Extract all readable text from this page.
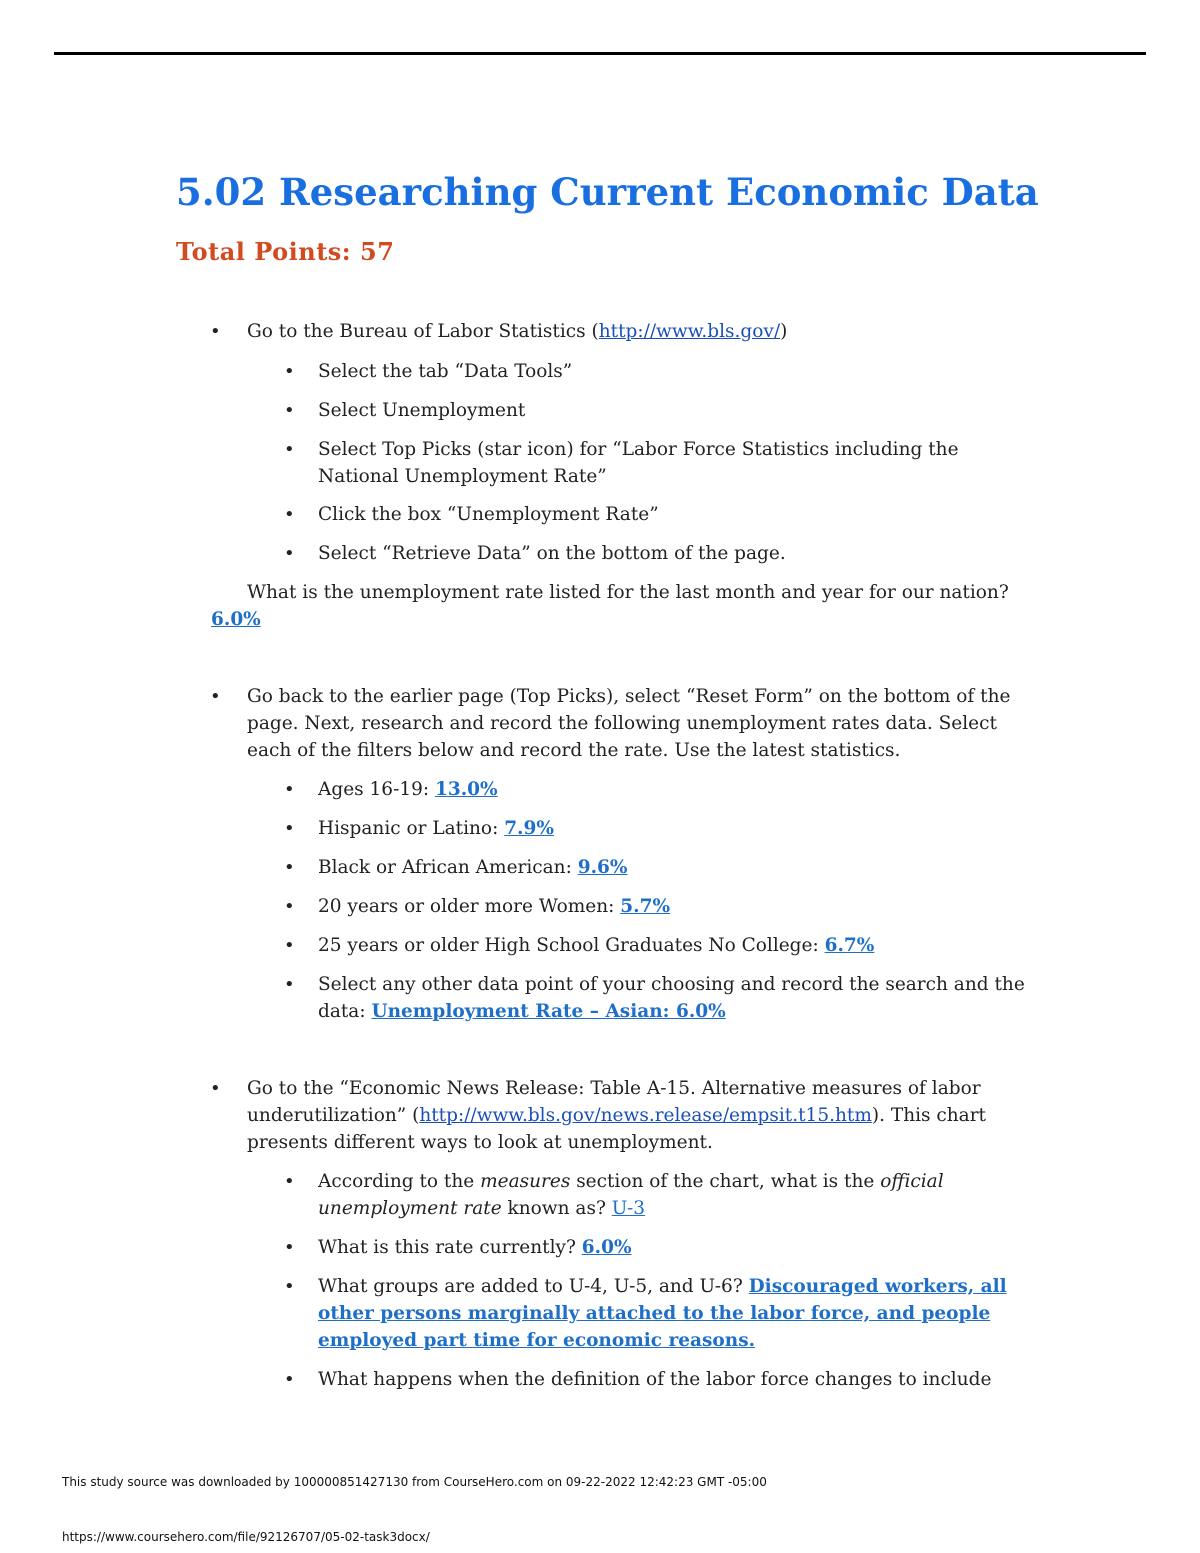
5.02 Researching Current Economic Data
Total Points: 57
• Go to the Bureau of Labor Statistics (http://www.bls.gov/)
• Select the tab “Data Tools”
• Select Unemployment
• Select Top Picks (star icon) for “Labor Force Statistics including the
National Unemployment Rate”
• Click the box “Unemployment Rate”
• Select “Retrieve Data” on the bottom of the page.
What is the unemployment rate listed for the last month and year for our nation?
6.0%
• Go back to the earlier page (Top Picks), select “Reset Form” on the bottom of the
page. Next, research and record the following unemployment rates data. Select
each of the filters below and record the rate. Use the latest statistics.
• Ages 16-19: 13.0%
• Hispanic or Latino: 7.9%
• Black or African American: 9.6%
• 20 years or older more Women: 5.7%
• 25 years or older High School Graduates No College: 6.7%
• Select any other data point of your choosing and record the search and the
data: Unemployment Rate – Asian: 6.0%
• Go to the “Economic News Release: Table A-15. Alternative measures of labor
underutilization” (http://www.bls.gov/news.release/empsit.t15.htm). This chart
presents different ways to look at unemployment.
• According to the measures section of the chart, what is the official
unemployment rate known as? U-3
• What is this rate currently? 6.0%
• What groups are added to U-4, U-5, and U-6? Discouraged workers, all
other persons marginally attached to the labor force, and people
employed part time for economic reasons.
• What happens when the definition of the labor force changes to include
This study source was downloaded by 100000851427130 from CourseHero.com on 09-22-2022 12:42:23 GMT -05:00
https://www.coursehero.com/file/92126707/05-02-task3docx/
